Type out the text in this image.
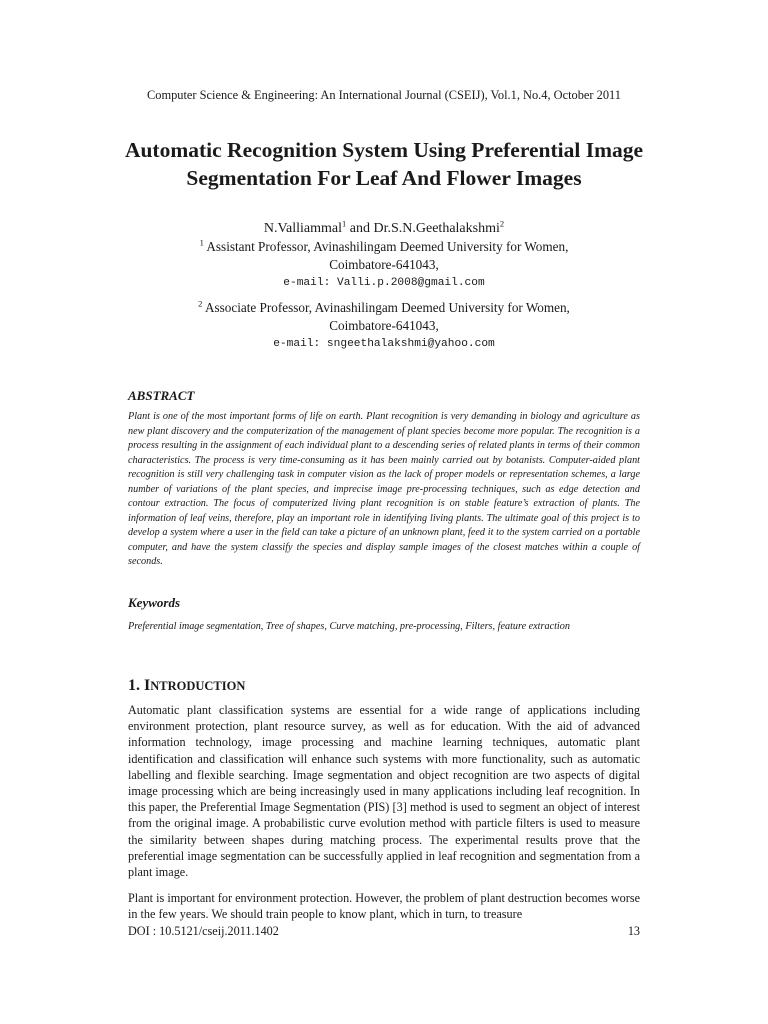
Computer Science & Engineering: An International Journal (CSEIJ), Vol.1, No.4, October 2011
Automatic Recognition System Using Preferential Image Segmentation For Leaf And Flower Images
N.Valliammal$^1$ and Dr.S.N.Geethalakshmi$^2$
$^1$ Assistant Professor, Avinashilingam Deemed University for Women,
Coimbatore-641043,
e-mail: Valli.p.2008@gmail.com
$^2$ Associate Professor, Avinashilingam Deemed University for Women,
Coimbatore-641043,
e-mail: sngeethalakshmi@yahoo.com
ABSTRACT
Plant is one of the most important forms of life on earth. Plant recognition is very demanding in biology and agriculture as new plant discovery and the computerization of the management of plant species become more popular. The recognition is a process resulting in the assignment of each individual plant to a descending series of related plants in terms of their common characteristics. The process is very time-consuming as it has been mainly carried out by botanists. Computer-aided plant recognition is still very challenging task in computer vision as the lack of proper models or representation schemes, a large number of variations of the plant species, and imprecise image pre-processing techniques, such as edge detection and contour extraction. The focus of computerized living plant recognition is on stable feature’s extraction of plants. The information of leaf veins, therefore, play an important role in identifying living plants. The ultimate goal of this project is to develop a system where a user in the field can take a picture of an unknown plant, feed it to the system carried on a portable computer, and have the system classify the species and display sample images of the closest matches within a couple of seconds.
Keywords
Preferential image segmentation, Tree of shapes, Curve matching, pre-processing, Filters, feature extraction
1. INTRODUCTION

Automatic plant classification systems are essential for a wide range of applications including environment protection, plant resource survey, as well as for education. With the aid of advanced information technology, image processing and machine learning techniques, automatic plant identification and classification will enhance such systems with more functionality, such as automatic labelling and flexible searching. Image segmentation and object recognition are two aspects of digital image processing which are being increasingly used in many applications including leaf recognition. In this paper, the Preferential Image Segmentation (PIS) [3] method is used to segment an object of interest from the original image. A probabilistic curve evolution method with particle filters is used to measure the similarity between shapes during matching process. The experimental results prove that the preferential image segmentation can be successfully applied in leaf recognition and segmentation from a plant image.

Plant is important for environment protection. However, the problem of plant destruction becomes worse in the few years. We should train people to know plant, which in turn, to treasure

DOI : 10.5121/cseij.2011.1402	13
